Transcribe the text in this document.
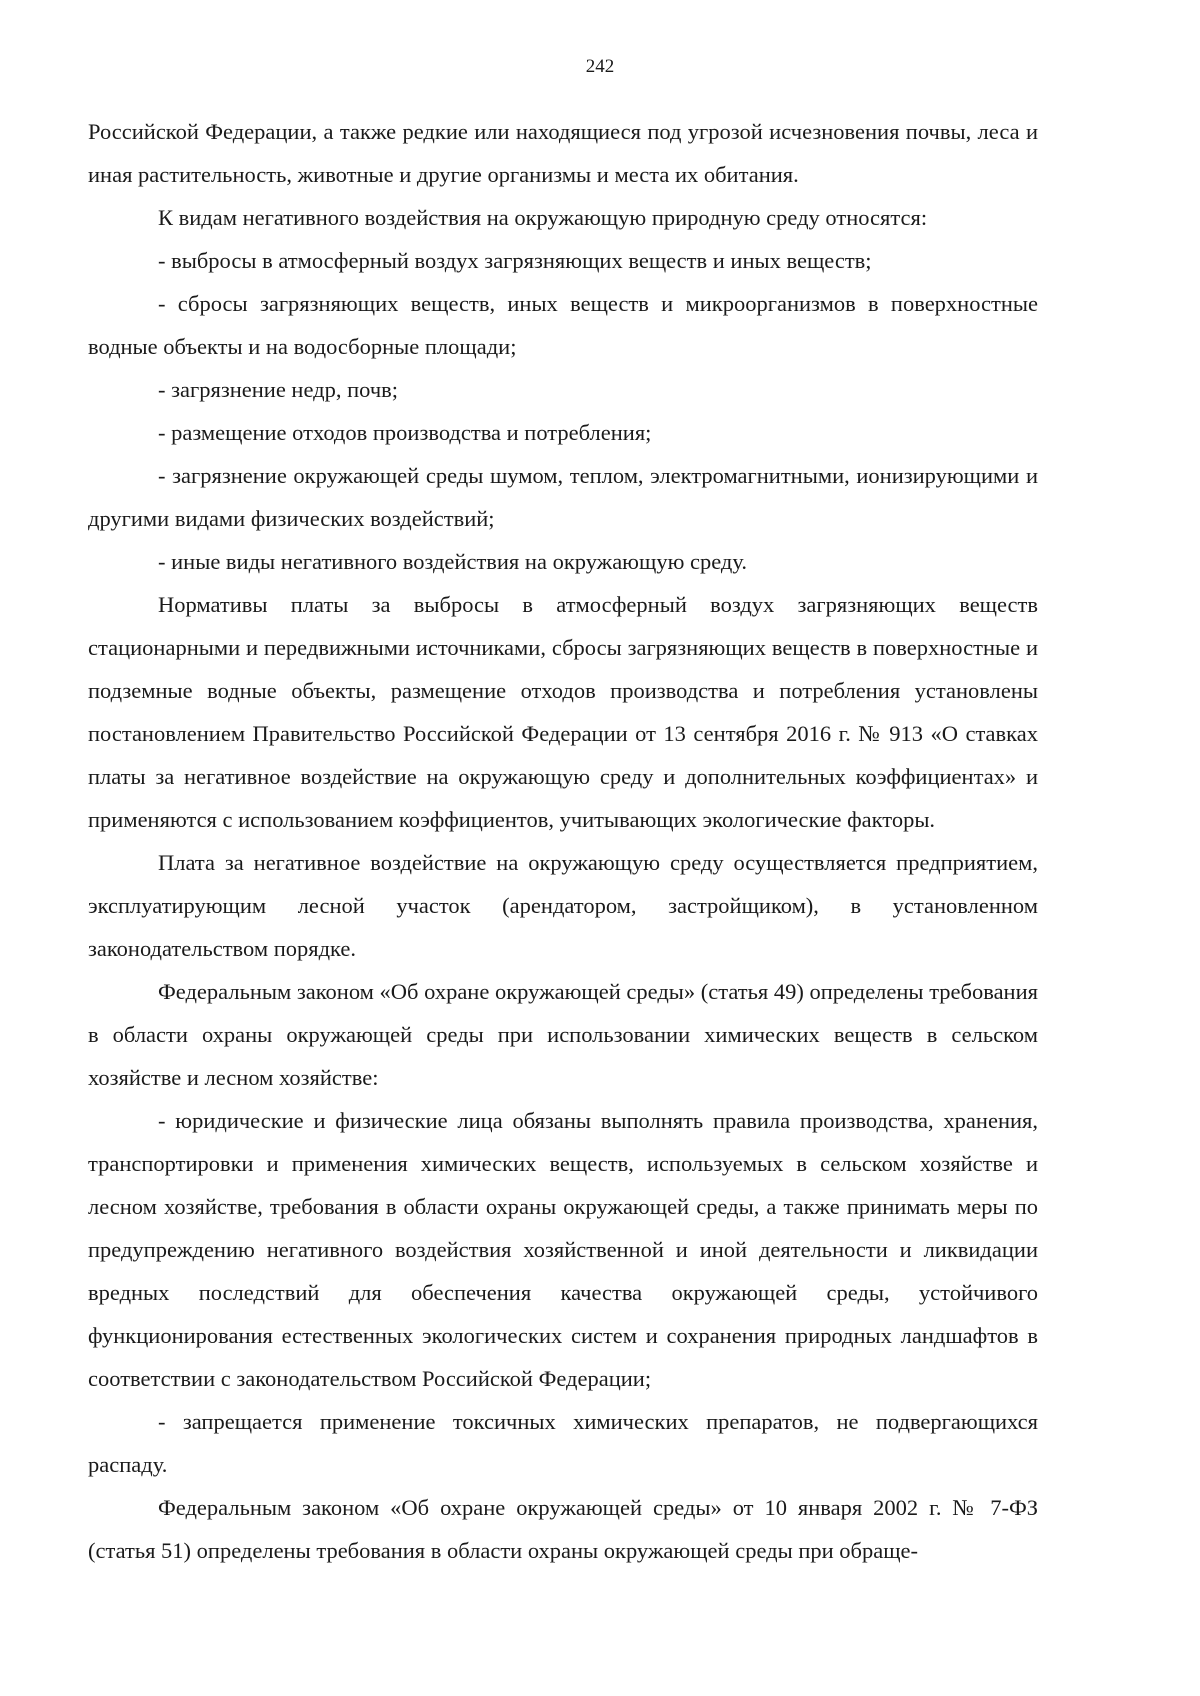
242

Российской Федерации, а также редкие или находящиеся под угрозой исчезновения почвы, леса и иная растительность, животные и другие организмы и места их обитания.

К видам негативного воздействия на окружающую природную среду относятся:

- выбросы в атмосферный воздух загрязняющих веществ и иных веществ;

- сбросы загрязняющих веществ, иных веществ и микроорганизмов в поверхностные водные объекты и на водосборные площади;

- загрязнение недр, почв;

- размещение отходов производства и потребления;

- загрязнение окружающей среды шумом, теплом, электромагнитными, ионизирующими и другими видами физических воздействий;

- иные виды негативного воздействия на окружающую среду.

Нормативы платы за выбросы в атмосферный воздух загрязняющих веществ стационарными и передвижными источниками, сбросы загрязняющих веществ в поверхностные и подземные водные объекты, размещение отходов производства и потребления установлены постановлением Правительство Российской Федерации от 13 сентября 2016 г. № 913 «О ставках платы за негативное воздействие на окружающую среду и дополнительных коэффициентах» и применяются с использованием коэффициентов, учитывающих экологические факторы.

Плата за негативное воздействие на окружающую среду осуществляется предприятием, эксплуатирующим лесной участок (арендатором, застройщиком), в установленном законодательством порядке.

Федеральным законом «Об охране окружающей среды» (статья 49) определены требования в области охраны окружающей среды при использовании химических веществ в сельском хозяйстве и лесном хозяйстве:

- юридические и физические лица обязаны выполнять правила производства, хранения, транспортировки и применения химических веществ, используемых в сельском хозяйстве и лесном хозяйстве, требования в области охраны окружающей среды, а также принимать меры по предупреждению негативного воздействия хозяйственной и иной деятельности и ликвидации вредных последствий для обеспечения качества окружающей среды, устойчивого функционирования естественных экологических систем и сохранения природных ландшафтов в соответствии с законодательством Российской Федерации;

- запрещается применение токсичных химических препаратов, не подвергающихся распаду.

Федеральным законом «Об охране окружающей среды» от 10 января 2002 г. № 7-ФЗ (статья 51) определены требования в области охраны окружающей среды при обраще-
